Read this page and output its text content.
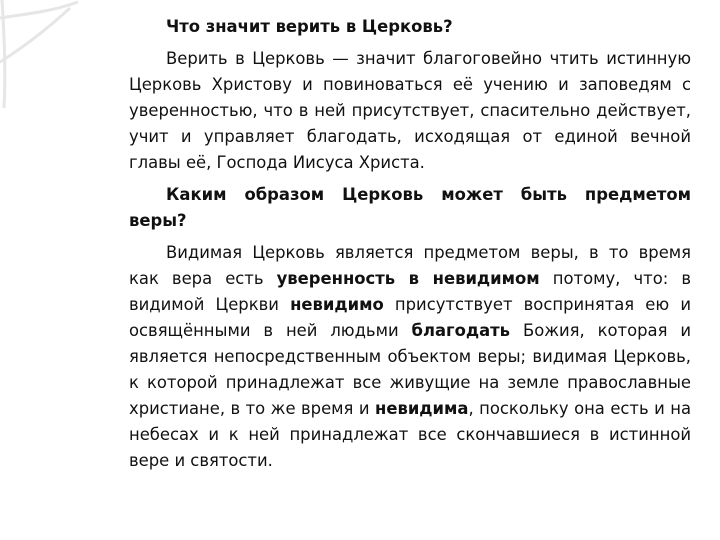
Что значит верить в Церковь?

Верить в Церковь — значит благоговейно чтить истинную Церковь Христову и повиноваться её учению и заповедям с уверенностью, что в ней присутствует, спасительно действует, учит и управляет благодать, исходящая от единой вечной главы её, Господа Иисуса Христа.

Каким образом Церковь может быть предметом веры?

Видимая Церковь является предметом веры, в то время как вера есть уверенность в невидимом потому, что: в видимой Церкви невидимо присутствует воспринятая ею и освящёнными в ней людьми благодать Божия, которая и является непосредственным объектом веры; видимая Церковь, к которой принадлежат все живущие на земле православные христиане, в то же время и невидима, поскольку она есть и на небесах и к ней принадлежат все скончавшиеся в истинной вере и святости.
